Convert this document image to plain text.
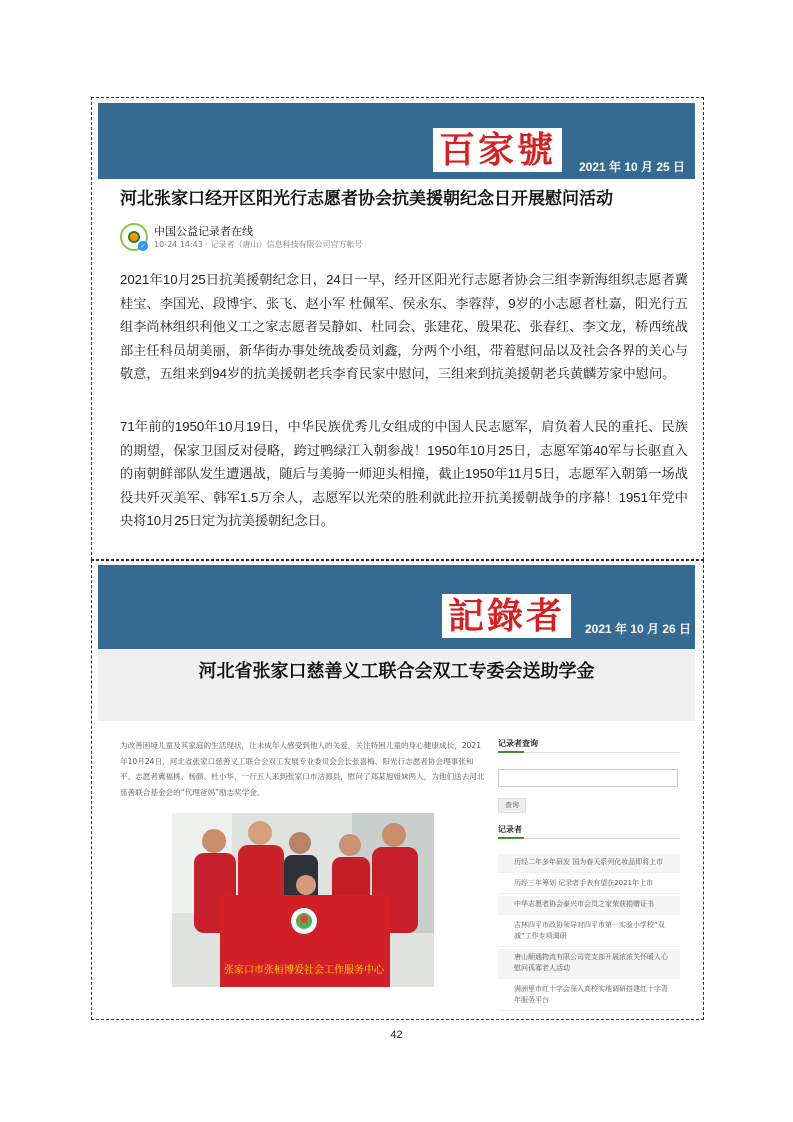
百家號	2021 年 10 月 25 日
河北张家口经开区阳光行志愿者协会抗美援朝纪念日开展慰问活动
✓
中国公益记录者在线
10-24 14:43 · 记录者（唐山）信息科技有限公司官方帐号

2021年10月25日抗美援朝纪念日，24日一早，经开区阳光行志愿者协会三组李新海组织志愿者冀桂宝、李国光、段博宇、张飞、赵小军 杜佩军、侯永东、李蓉萍，9岁的小志愿者杜嘉，阳光行五组李尚林组织利他义工之家志愿者吴静如、杜同会、张建花、殷果花、张春红、李文龙，桥西统战部主任科员胡美丽，新华街办事处统战委员刘鑫，分两个小组，带着慰问品以及社会各界的关心与敬意，五组来到94岁的抗美援朝老兵李育民家中慰问，三组来到抗美援朝老兵黄麟芳家中慰问。

71年前的1950年10月19日，中华民族优秀儿女组成的中国人民志愿军，肩负着人民的重托、民族的期望，保家卫国反对侵略，跨过鸭绿江入朝参战！1950年10月25日，志愿军第40军与长驱直入的南朝鲜部队发生遭遇战，随后与美骑一师迎头相撞，截止1950年11月5日，志愿军入朝第一场战役共歼灭美军、韩军1.5万余人，志愿军以光荣的胜利就此拉开抗美援朝战争的序幕！1951年党中央将10月25日定为抗美援朝纪念日。

記錄者	2021 年 10 月 26 日
河北省张家口慈善义工联合会双工专委会送助学金

为改善困境儿童及其家庭的生活现状，让未成年人感受到他人的关爱，关注特困儿童的身心健康成长，2021年10月24日，河北省张家口慈善义工联合会双工发展专业委员会会长张喜梅、阳光行志愿者协会理事张和平、志愿者冀福桃、杨颜、杜小华、一行五人来到张家口市沽源县，慰问了郑某旭姐妹两人，为他们送去河北慈善联合基金会的“代理爸妈”励志奖学金。

张家口市张桓博爱社会工作服务中心
记录者查询
查询
记录者
历经二年多年研发 国为春天系列化妆品即将上市
历经三年筹划 记录者手表有望在2021年上市
中华志愿者协会泰兴市会员之家荣获捐赠证书
吉林四平市政协领导对四平市第一实验小学校“双减”工作专项调研
唐山顺通物流有限公司党支部开展浓浓关怀暖人心慰问孤寡老人活动
满洲里市红十字会深入高校实地调研搭建红十字青年服务平台
42
